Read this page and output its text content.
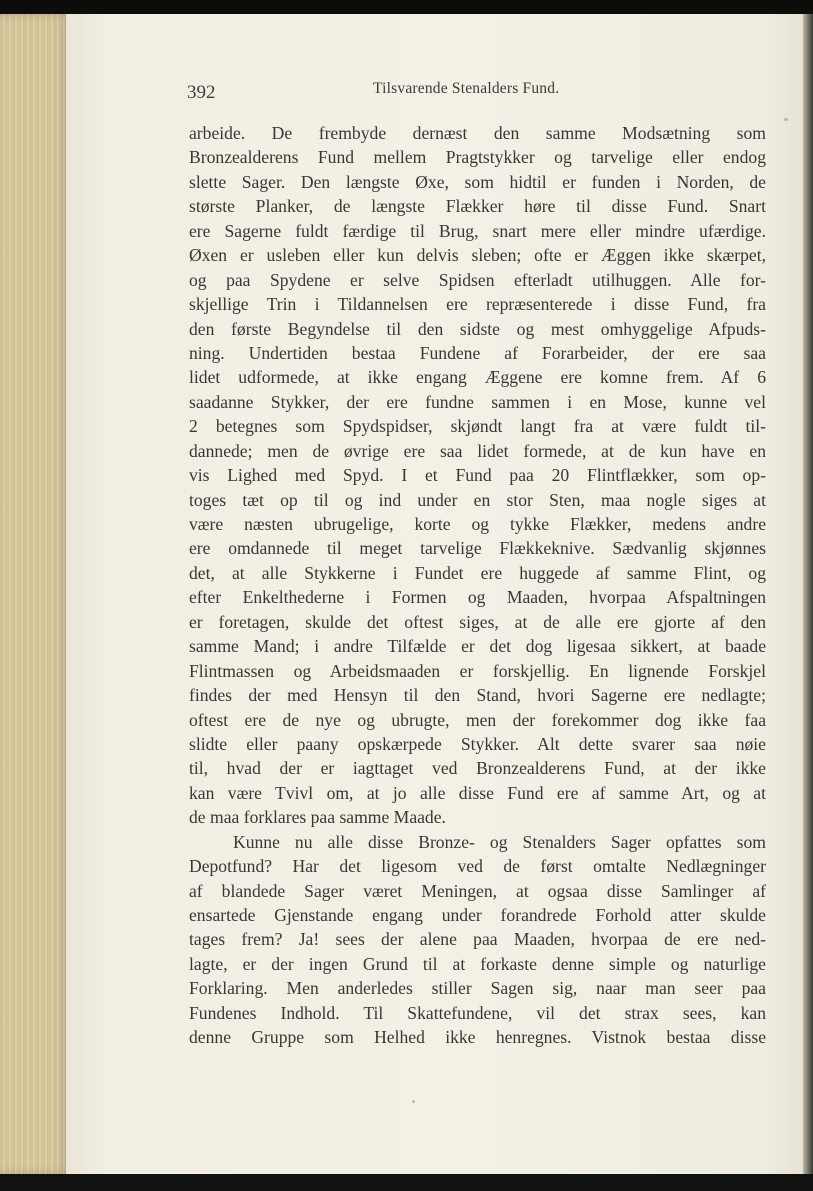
392	Tilsvarende Stenalders Fund.
arbeide. De frembyde dernæst den samme Modsætning som
Bronzealderens Fund mellem Pragtstykker og tarvelige eller endog
slette Sager. Den længste Øxe, som hidtil er funden i Norden, de
største Planker, de længste Flækker høre til disse Fund. Snart
ere Sagerne fuldt færdige til Brug, snart mere eller mindre ufærdige.
Øxen er usleben eller kun delvis sleben; ofte er Æggen ikke skærpet,
og paa Spydene er selve Spidsen efterladt utilhuggen. Alle for-
skjellige Trin i Tildannelsen ere repræsenterede i disse Fund, fra
den første Begyndelse til den sidste og mest omhyggelige Afpuds-
ning. Undertiden bestaa Fundene af Forarbeider, der ere saa
lidet udformede, at ikke engang Æggene ere komne frem. Af 6
saadanne Stykker, der ere fundne sammen i en Mose, kunne vel
2 betegnes som Spydspidser, skjøndt langt fra at være fuldt til-
dannede; men de øvrige ere saa lidet formede, at de kun have en
vis Lighed med Spyd. I et Fund paa 20 Flintflækker, som op-
toges tæt op til og ind under en stor Sten, maa nogle siges at
være næsten ubrugelige, korte og tykke Flækker, medens andre
ere omdannede til meget tarvelige Flækkeknive. Sædvanlig skjønnes
det, at alle Stykkerne i Fundet ere huggede af samme Flint, og
efter Enkelthederne i Formen og Maaden, hvorpaa Afspaltningen
er foretagen, skulde det oftest siges, at de alle ere gjorte af den
samme Mand; i andre Tilfælde er det dog ligesaa sikkert, at baade
Flintmassen og Arbeidsmaaden er forskjellig. En lignende Forskjel
findes der med Hensyn til den Stand, hvori Sagerne ere nedlagte;
oftest ere de nye og ubrugte, men der forekommer dog ikke faa
slidte eller paany opskærpede Stykker. Alt dette svarer saa nøie
til, hvad der er iagttaget ved Bronzealderens Fund, at der ikke
kan være Tvivl om, at jo alle disse Fund ere af samme Art, og at
de maa forklares paa samme Maade.
Kunne nu alle disse Bronze- og Stenalders Sager opfattes som
Depotfund? Har det ligesom ved de først omtalte Nedlægninger
af blandede Sager været Meningen, at ogsaa disse Samlinger af
ensartede Gjenstande engang under forandrede Forhold atter skulde
tages frem? Ja! sees der alene paa Maaden, hvorpaa de ere ned-
lagte, er der ingen Grund til at forkaste denne simple og naturlige
Forklaring. Men anderledes stiller Sagen sig, naar man seer paa
Fundenes Indhold. Til Skattefundene, vil det strax sees, kan
denne Gruppe som Helhed ikke henregnes. Vistnok bestaa disse
